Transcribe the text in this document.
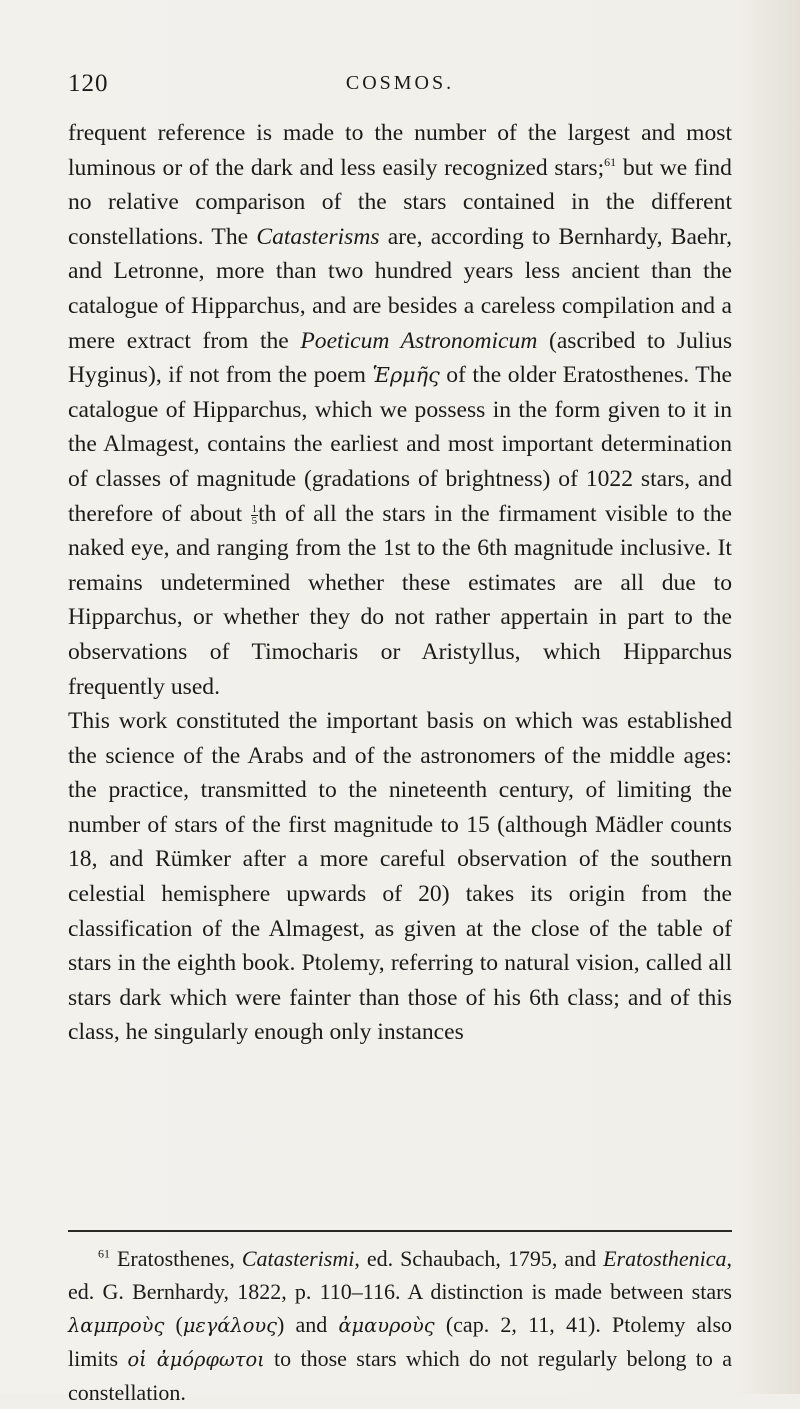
120	COSMOS.

frequent reference is made to the number of the largest and most luminous or of the dark and less easily recognized stars;$^{61}$ but we find no relative comparison of the stars contained in the different constellations. The Catasterisms are, according to Bernhardy, Baehr, and Letronne, more than two hundred years less ancient than the catalogue of Hipparchus, and are besides a careless compilation and a mere extract from the Poeticum Astronomicum (ascribed to Julius Hyginus), if not from the poem Ἑρμῆς of the older Eratosthenes. The catalogue of Hipparchus, which we possess in the form given to it in the Almagest, contains the earliest and most important determination of classes of magnitude (gradations of brightness) of 1022 stars, and therefore of about $\frac{1}{5}$ th of all the stars in the firmament visible to the naked eye, and ranging from the 1st to the 6th magnitude inclusive. It remains undetermined whether these estimates are all due to Hipparchus, or whether they do not rather appertain in part to the observations of Timocharis or Aristyllus, which Hipparchus frequently used.

This work constituted the important basis on which was established the science of the Arabs and of the astronomers of the middle ages: the practice, transmitted to the nineteenth century, of limiting the number of stars of the first magnitude to 15 (although Mädler counts 18, and Rümker after a more careful observation of the southern celestial hemisphere upwards of 20) takes its origin from the classification of the Almagest, as given at the close of the table of stars in the eighth book. Ptolemy, referring to natural vision, called all stars dark which were fainter than those of his 6th class; and of this class, he singularly enough only instances

$^{61}$ Eratosthenes, Catasterismi, ed. Schaubach, 1795, and Eratosthenica, ed. G. Bernhardy, 1822, p. 110–116. A distinction is made between stars λαμπροὺς (μεγάλους) and ἀμαυροὺς (cap. 2, 11, 41). Ptolemy also limits οἱ ἀμόρφωτοι to those stars which do not regularly belong to a constellation.
